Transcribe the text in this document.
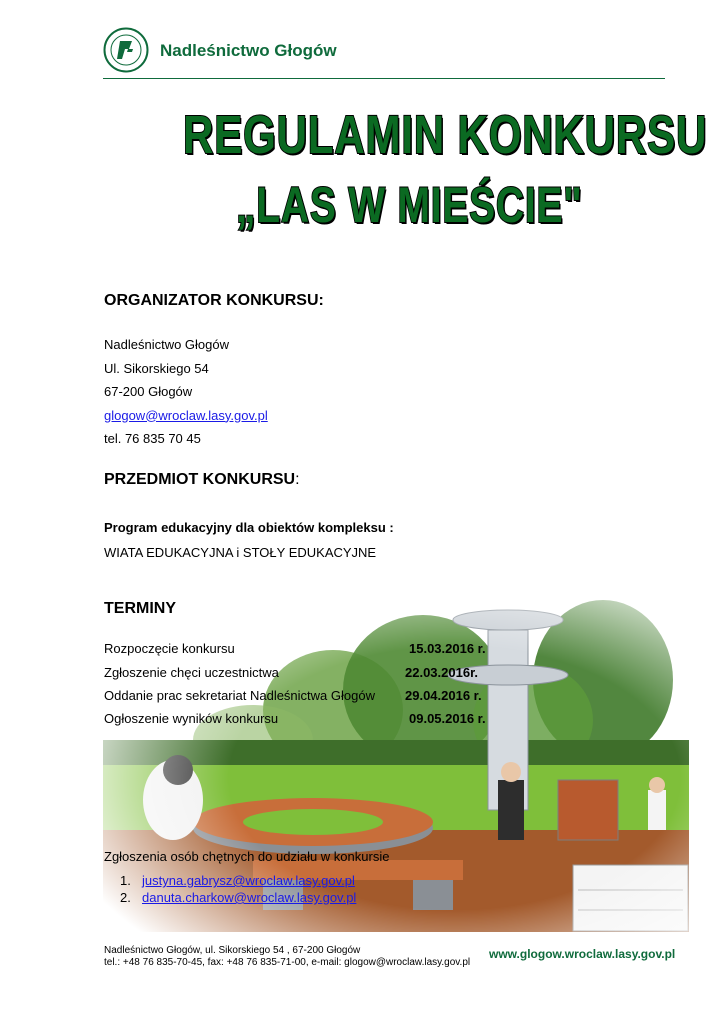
Nadleśnictwo Głogów
REGULAMIN KONKURSU
„LAS W MIEŚCIE"
ORGANIZATOR KONKURSU:
Nadleśnictwo Głogów
Ul. Sikorskiego 54
67-200 Głogów
glogow@wroclaw.lasy.gov.pl
tel. 76 835 70 45
PRZEDMIOT KONKURSU:
Program edukacyjny dla obiektów kompleksu :
WIATA EDUKACYJNA i STOŁY EDUKACYJNE
TERMINY
Rozpoczęcie konkursu	15.03.2016 r.
Zgłoszenie chęci uczestnictwa	22.03.2016r.
Oddanie prac sekretariat Nadleśnictwa Głogów 29.04.2016 r.
Ogłoszenie wyników konkursu	09.05.2016 r.
Zgłoszenia osób chętnych do udziału w konkursie
1. justyna.gabrysz@wroclaw.lasy.gov.pl
2. danuta.charkow@wroclaw.lasy.gov.pl
Nadleśnictwo Głogów, ul. Sikorskiego 54 , 67-200 Głogów
tel.: +48 76 835-70-45, fax: +48 76 835-71-00, e-mail: glogow@wroclaw.lasy.gov.pl
www.glogow.wroclaw.lasy.gov.pl
